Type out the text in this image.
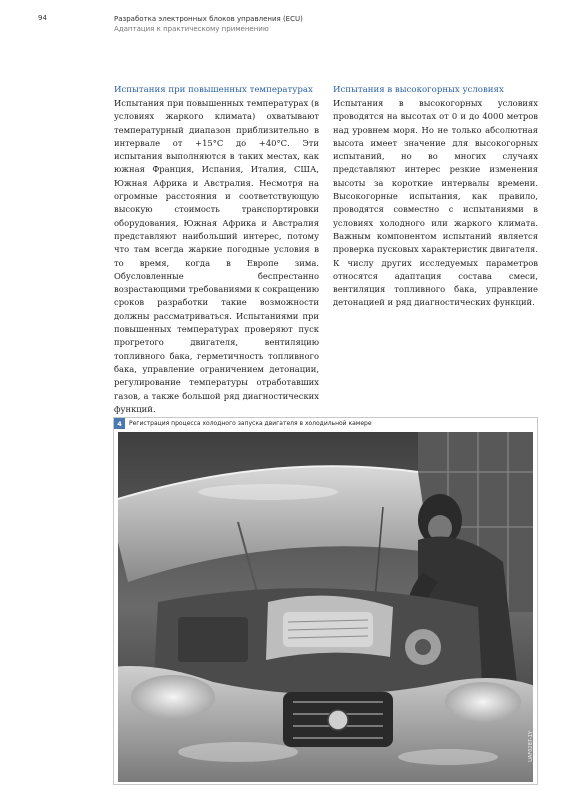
94	Разработка электронных блоков управления (ECU)
Адаптация к практическому применению
Испытания при повышенных температурах

Испытания при повышенных температурах (в условиях жаркого климата) охватывают температурный диапазон приблизительно в интервале от +15°С до +40°С. Эти испытания выполняются в таких местах, как южная Франция, Испания, Италия, США, Южная Африка и Австралия. Несмотря на огромные расстояния и соответствующую высокую стоимость транспортировки оборудования, Южная Африка и Австралия представляют наибольший интерес, потому что там всегда жаркие погодные условия в то время, когда в Европе зима. Обусловленные беспрестанно возрастающими требованиями к сокращению сроков разработки такие возможности должны рассматриваться. Испытаниями при повышенных температурах проверяют пуск прогретого двигателя, вентиляцию топливного бака, герметичность топливного бака, управление ограничением детонации, регулирование температуры отработавших газов, а также большой ряд диагностических функций.

Испытания в высокогорных условиях

Испытания в высокогорных условиях проводятся на высотах от 0 и до 4000 метров над уровнем моря. Но не только абсолютная высота имеет значение для высокогорных испытаний, но во многих случаях представляют интерес резкие изменения высоты за короткие интервалы времени. Высокогорные испытания, как правило, проводятся совместно с испытаниями в условиях холодного или жаркого климата. Важным компонентом испытаний является проверка пусковых характеристик двигателя. К числу других исследуемых параметров относятся адаптация состава смеси, вентиляция топливного бака, управление детонацией и ряд диагностических функций.

4	Регистрация процесса холодного запуска двигателя в холодильной камере
UAF0287-1Y
